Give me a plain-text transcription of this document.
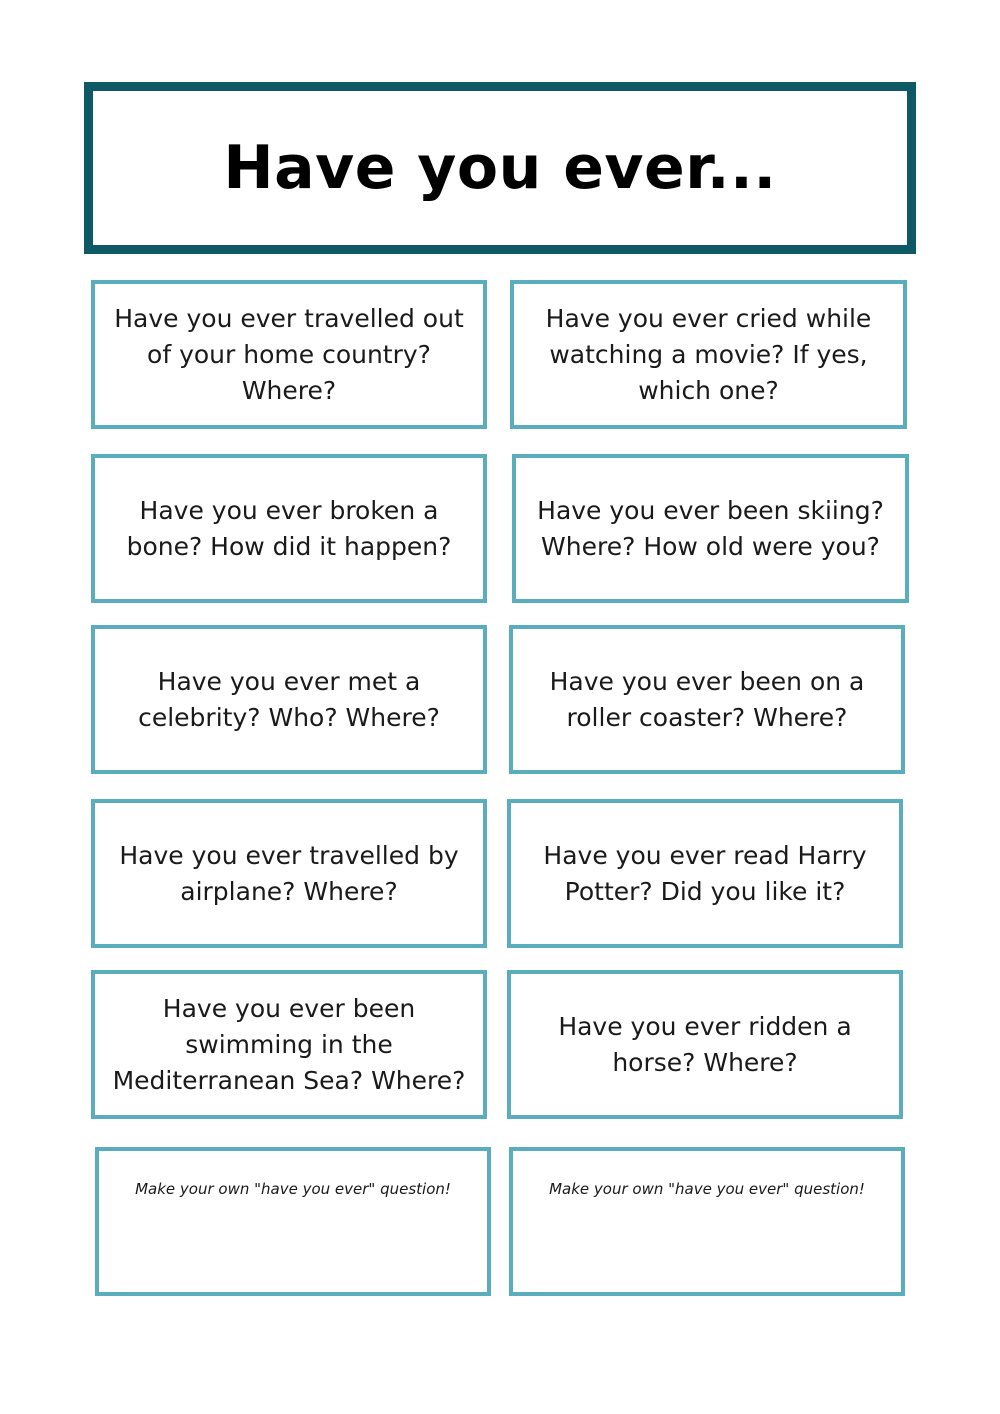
Have you ever...
Have you ever travelled out of your home country? Where?
Have you ever cried while watching a movie? If yes, which one?
Have you ever broken a bone? How did it happen?
Have you ever been skiing? Where? How old were you?
Have you ever met a celebrity? Who? Where?
Have you ever been on a roller coaster? Where?
Have you ever travelled by airplane? Where?
Have you ever read Harry Potter? Did you like it?
Have you ever been swimming in the Mediterranean Sea? Where?
Have you ever ridden a horse? Where?
Make your own "have you ever" question!	Make your own "have you ever" question!
